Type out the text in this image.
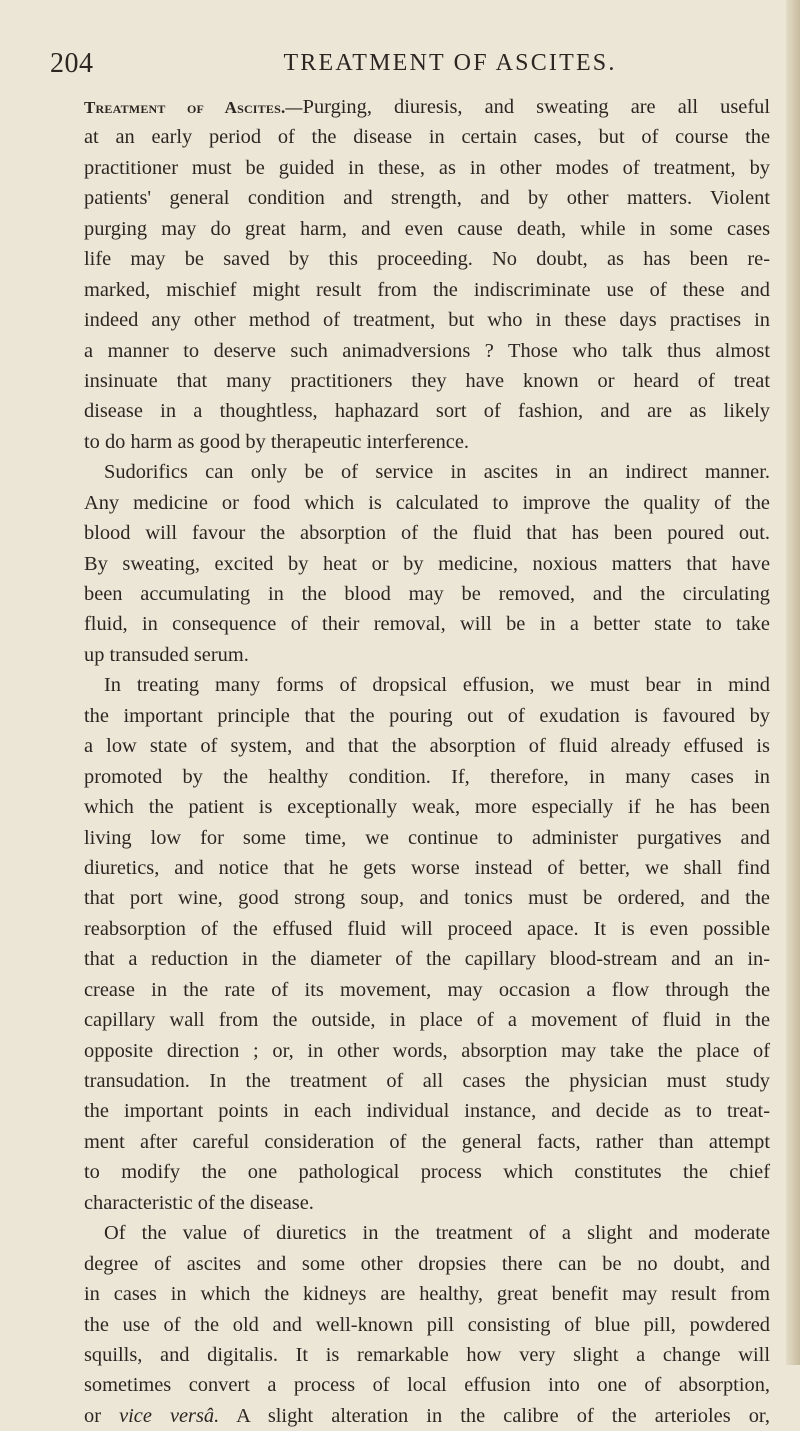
204	TREATMENT OF ASCITES.
Treatment of Ascites.—Purging, diuresis, and sweating are all useful
at an early period of the disease in certain cases, but of course the
practitioner must be guided in these, as in other modes of treatment, by
patients' general condition and strength, and by other matters. Violent
purging may do great harm, and even cause death, while in some cases
life may be saved by this proceeding. No doubt, as has been re-
marked, mischief might result from the indiscriminate use of these and
indeed any other method of treatment, but who in these days practises in
a manner to deserve such animadversions ? Those who talk thus almost
insinuate that many practitioners they have known or heard of treat
disease in a thoughtless, haphazard sort of fashion, and are as likely
to do harm as good by therapeutic interference.
Sudorifics can only be of service in ascites in an indirect manner.
Any medicine or food which is calculated to improve the quality of the
blood will favour the absorption of the fluid that has been poured out.
By sweating, excited by heat or by medicine, noxious matters that have
been accumulating in the blood may be removed, and the circulating
fluid, in consequence of their removal, will be in a better state to take
up transuded serum.
In treating many forms of dropsical effusion, we must bear in mind
the important principle that the pouring out of exudation is favoured by
a low state of system, and that the absorption of fluid already effused is
promoted by the healthy condition. If, therefore, in many cases in
which the patient is exceptionally weak, more especially if he has been
living low for some time, we continue to administer purgatives and
diuretics, and notice that he gets worse instead of better, we shall find
that port wine, good strong soup, and tonics must be ordered, and the
reabsorption of the effused fluid will proceed apace. It is even possible
that a reduction in the diameter of the capillary blood-stream and an in-
crease in the rate of its movement, may occasion a flow through the
capillary wall from the outside, in place of a movement of fluid in the
opposite direction ; or, in other words, absorption may take the place of
transudation. In the treatment of all cases the physician must study
the important points in each individual instance, and decide as to treat-
ment after careful consideration of the general facts, rather than attempt
to modify the one pathological process which constitutes the chief
characteristic of the disease.
Of the value of diuretics in the treatment of a slight and moderate
degree of ascites and some other dropsies there can be no doubt, and
in cases in which the kidneys are healthy, great benefit may result from
the use of the old and well-known pill consisting of blue pill, powdered
squills, and digitalis. It is remarkable how very slight a change will
sometimes convert a process of local effusion into one of absorption,
or vice versâ. A slight alteration in the calibre of the arterioles or,
